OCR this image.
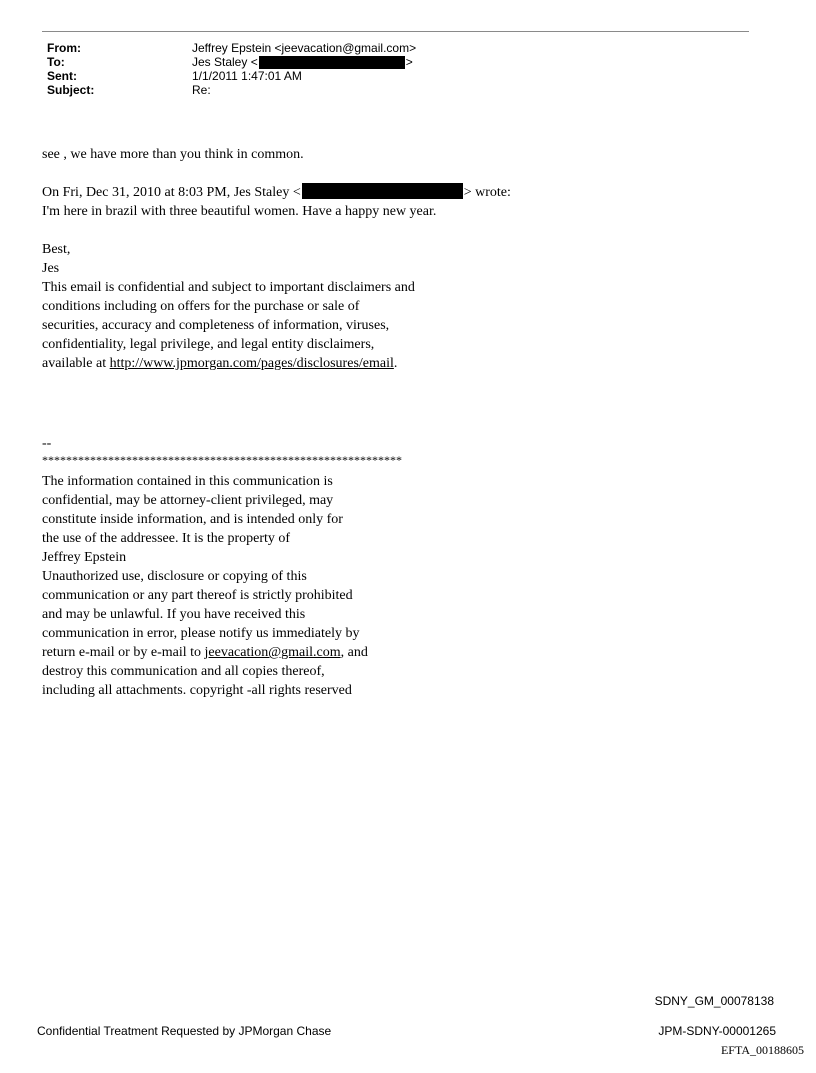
From:	Jeffrey Epstein <jeevacation@gmail.com>
To:	Jes Staley <	>
Sent:	1/1/2011 1:47:01 AM
Subject:	Re:
see , we have more than you think in common.
On Fri, Dec 31, 2010 at 8:03 PM, Jes Staley <	> wrote:
I'm here in brazil with three beautiful women. Have a happy new year.
Best,
Jes
This email is confidential and subject to important disclaimers and
conditions including on offers for the purchase or sale of
securities, accuracy and completeness of information, viruses,
confidentiality, legal privilege, and legal entity disclaimers,
available at http://www.jpmorgan.com/pages/disclosures/email.
--
************************************************************
The information contained in this communication is
confidential, may be attorney-client privileged, may
constitute inside information, and is intended only for
the use of the addressee. It is the property of
Jeffrey Epstein
Unauthorized use, disclosure or copying of this
communication or any part thereof is strictly prohibited
and may be unlawful. If you have received this
communication in error, please notify us immediately by
return e-mail or by e-mail to jeevacation@gmail.com, and
destroy this communication and all copies thereof,
including all attachments. copyright -all rights reserved
SDNY_GM_00078138
Confidential Treatment Requested by JPMorgan Chase	JPM-SDNY-00001265
EFTA_00188605
